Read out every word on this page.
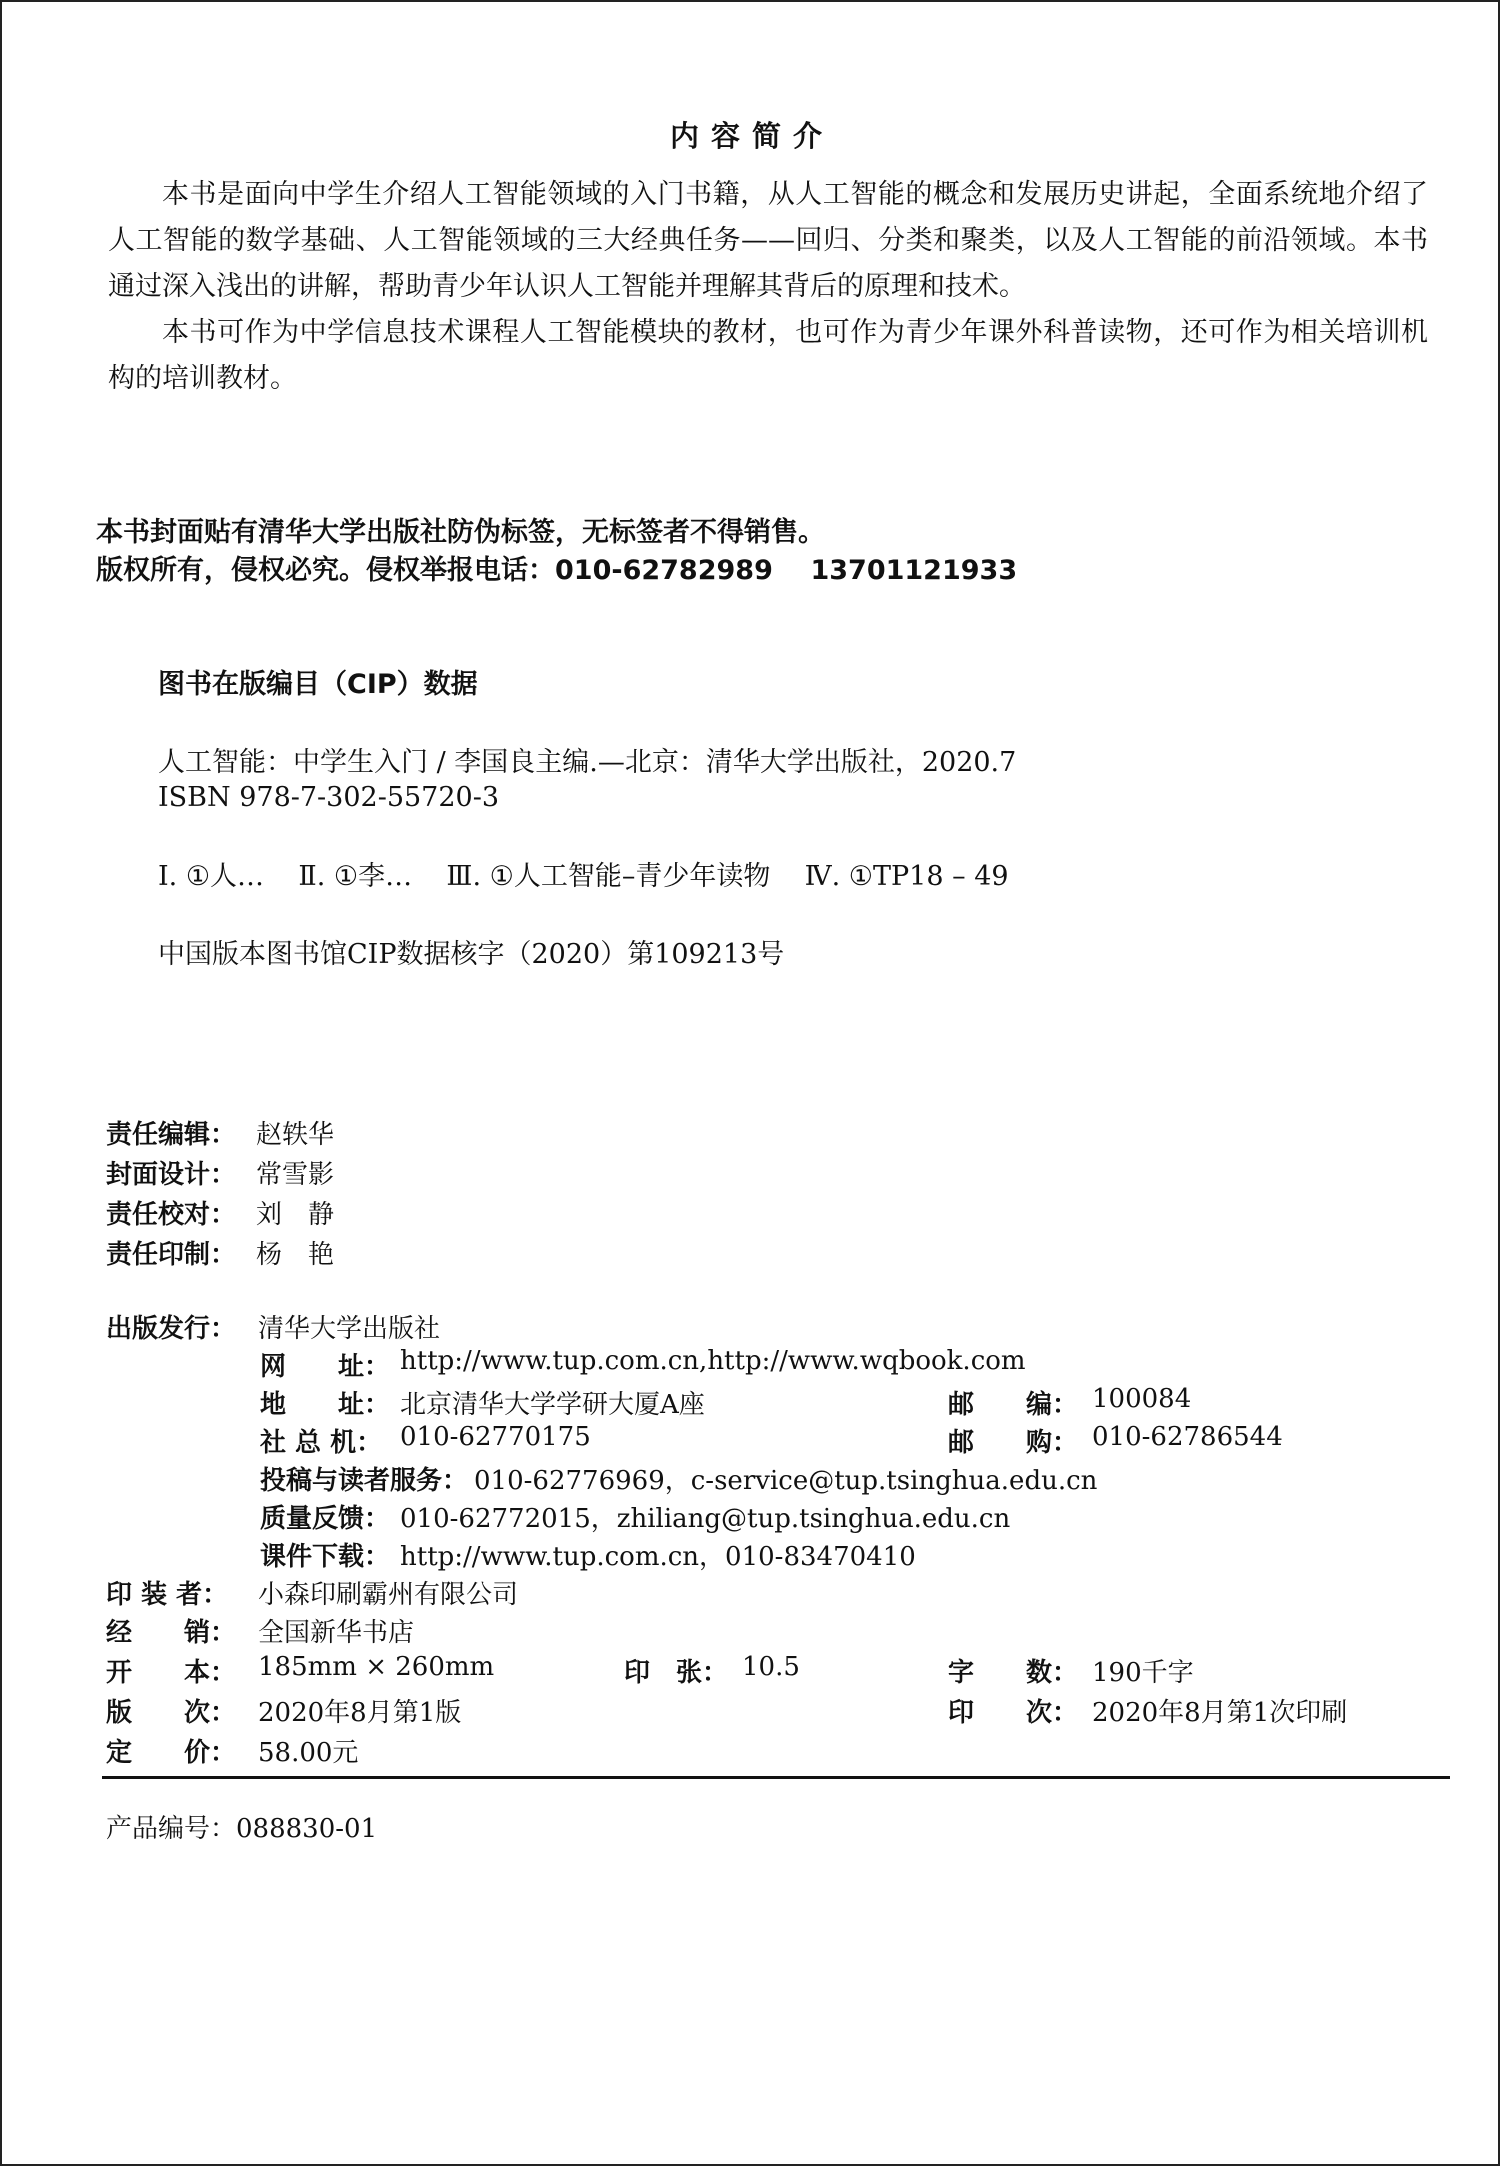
内容简介

本书是面向中学生介绍人工智能领域的入门书籍，从人工智能的概念和发展历史讲起，全面系统地介绍了人工智能的数学基础、人工智能领域的三大经典任务——回归、分类和聚类，以及人工智能的前沿领域。本书通过深入浅出的讲解，帮助青少年认识人工智能并理解其背后的原理和技术。

本书可作为中学信息技术课程人工智能模块的教材，也可作为青少年课外科普读物，还可作为相关培训机构的培训教材。

本书封面贴有清华大学出版社防伪标签，无标签者不得销售。
版权所有，侵权必究。侵权举报电话：010-62782989    13701121933
图书在版编目（CIP）数据
人工智能：中学生入门 / 李国良主编.—北京：清华大学出版社，2020.7
ISBN 978-7-302-55720-3
Ⅰ. ①人…    Ⅱ. ①李…    Ⅲ. ①人工智能–青少年读物    Ⅳ. ①TP18 – 49
中国版本图书馆CIP数据核字（2020）第109213号
责任编辑： 赵轶华
封面设计： 常雪影
责任校对： 刘　静
责任印制： 杨　艳
出版发行： 清华大学出版社
网　　址： http://www.tup.com.cn,http://www.wqbook.com
地　　址： 北京清华大学学研大厦A座	邮　　编： 100084
社 总 机： 010-62770175	邮　　购： 010-62786544
投稿与读者服务： 010-62776969，c-service@tup.tsinghua.edu.cn
质量反馈： 010-62772015，zhiliang@tup.tsinghua.edu.cn
课件下载： http://www.tup.com.cn，010-83470410
印 装 者： 小森印刷霸州有限公司
经　　销： 全国新华书店
开　　本： 185mm × 260mm	印　张： 10.5	字　　数： 190千字
版　　次： 2020年8月第1版	印　　次： 2020年8月第1次印刷
定　　价： 58.00元
产品编号：088830-01
